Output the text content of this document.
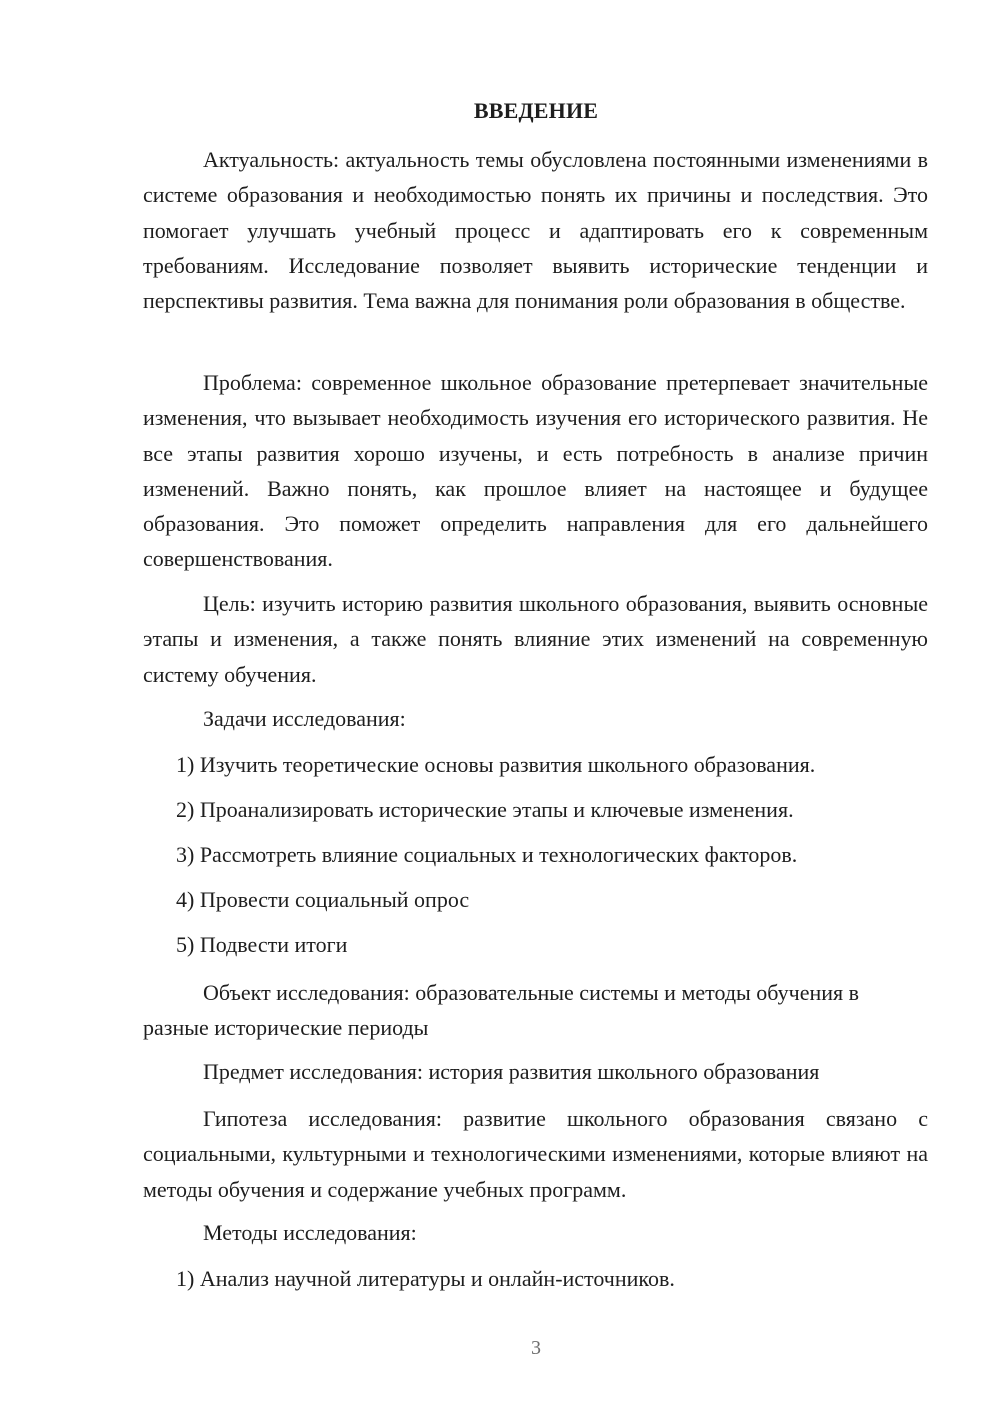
ВВЕДЕНИЕ

Актуальность: актуальность темы обусловлена постоянными изменениями в системе образования и необходимостью понять их причины и последствия. Это помогает улучшать учебный процесс и адаптировать его к современным требованиям. Исследование позволяет выявить исторические тенденции и перспективы развития. Тема важна для понимания роли образования в обществе.

Проблема: современное школьное образование претерпевает значительные изменения, что вызывает необходимость изучения его исторического развития. Не все этапы развития хорошо изучены, и есть потребность в анализе причин изменений. Важно понять, как прошлое влияет на настоящее и будущее образования. Это поможет определить направления для его дальнейшего совершенствования.

Цель: изучить историю развития школьного образования, выявить основные этапы и изменения, а также понять влияние этих изменений на современную систему обучения.

Задачи исследования:
1) Изучить теоретические основы развития школьного образования.
2) Проанализировать исторические этапы и ключевые изменения.
3) Рассмотреть влияние социальных и технологических факторов.
4) Провести социальный опрос
5) Подвести итоги

Объект исследования: образовательные системы и методы обучения в разные исторические периоды

Предмет исследования: история развития школьного образования

Гипотеза исследования: развитие школьного образования связано с социальными, культурными и технологическими изменениями, которые влияют на методы обучения и содержание учебных программ.

Методы исследования:
1) Анализ научной литературы и онлайн-источников.
3
